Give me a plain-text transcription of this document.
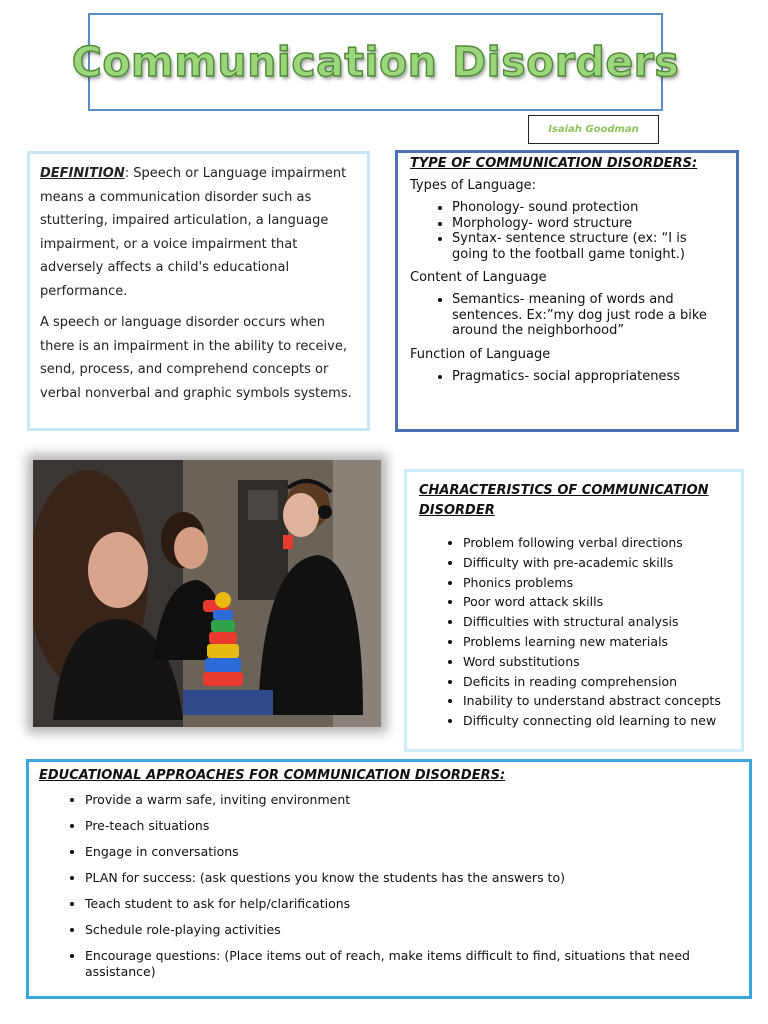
Communication Disorders
Isaiah Goodman

DEFINITION: Speech or Language impairment means a communication disorder such as stuttering, impaired articulation, a language impairment, or a voice impairment that adversely affects a child's educational performance.

A speech or language disorder occurs when there is an impairment in the ability to receive, send, process, and comprehend concepts or verbal nonverbal and graphic symbols systems.

TYPE OF COMMUNICATION DISORDERS:
Types of Language:
• Phonology- sound protection
• Morphology- word structure
• Syntax- sentence structure (ex: “I is going to the football game tonight.)
Content of Language
• Semantics- meaning of words and sentences. Ex:”my dog just rode a bike around the neighborhood”
Function of Language
• Pragmatics- social appropriateness
CHARACTERISTICS OF COMMUNICATION DISORDER
• Problem following verbal directions
• Difficulty with pre-academic skills
• Phonics problems
• Poor word attack skills
• Difficulties with structural analysis
• Problems learning new materials
• Word substitutions
• Deficits in reading comprehension
• Inability to understand abstract concepts
• Difficulty connecting old learning to new
EDUCATIONAL APPROACHES FOR COMMUNICATION DISORDERS:
• Provide a warm safe, inviting environment
• Pre-teach situations
• Engage in conversations
• PLAN for success: (ask questions you know the students has the answers to)
• Teach student to ask for help/clarifications
• Schedule role-playing activities
• Encourage questions: (Place items out of reach, make items difficult to find, situations that need assistance)
